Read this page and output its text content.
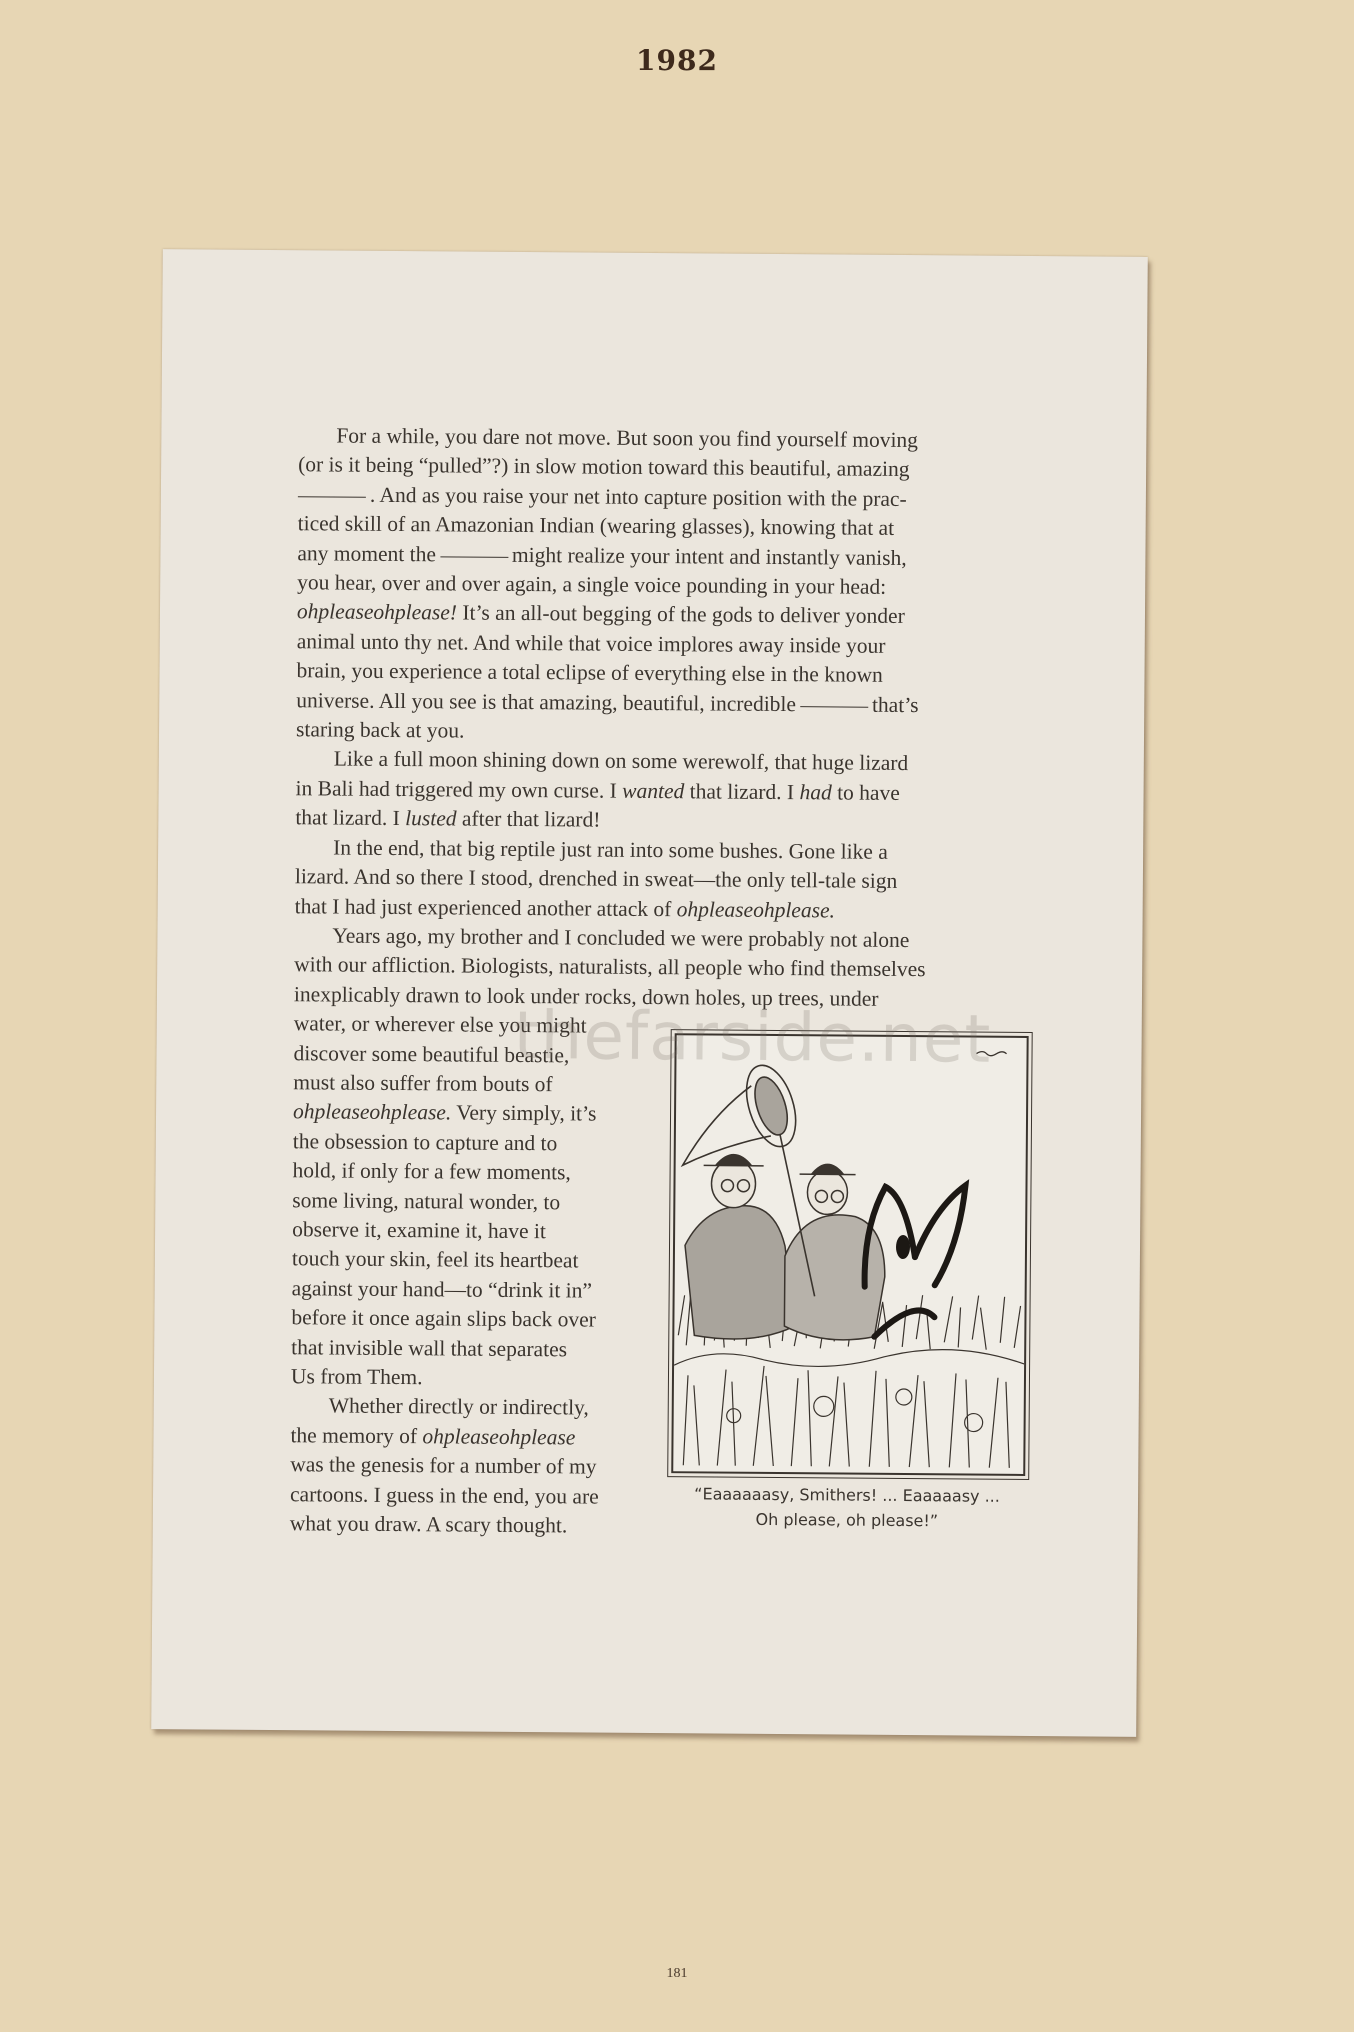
1982

For a while, you dare not move. But soon you find yourself moving
(or is it being “pulled”?) in slow motion toward this beautiful, amazing
. And as you raise your net into capture position with the prac-
ticed skill of an Amazonian Indian (wearing glasses), knowing that at
any moment the	might realize your intent and instantly vanish,
you hear, over and over again, a single voice pounding in your head:
ohpleaseohplease! It’s an all-out begging of the gods to deliver yonder
animal unto thy net. And while that voice implores away inside your
brain, you experience a total eclipse of everything else in the known
universe. All you see is that amazing, beautiful, incredible	that’s
staring back at you.

Like a full moon shining down on some werewolf, that huge lizard
in Bali had triggered my own curse. I wanted that lizard. I had to have
that lizard. I lusted after that lizard!

In the end, that big reptile just ran into some bushes. Gone like a
lizard. And so there I stood, drenched in sweat—the only tell-tale sign
that I had just experienced another attack of ohpleaseohplease.

Years ago, my brother and I concluded we were probably not alone
with our affliction. Biologists, naturalists, all people who find themselves
inexplicably drawn to look under rocks, down holes, up trees, under

water, or wherever else you might
discover some beautiful beastie,
must also suffer from bouts of
ohpleaseohplease. Very simply, it’s
the obsession to capture and to
hold, if only for a few moments,
some living, natural wonder, to
observe it, examine it, have it
touch your skin, feel its heartbeat
against your hand—to “drink it in”
before it once again slips back over
that invisible wall that separates
Us from Them.

Whether directly or indirectly,
the memory of ohpleaseohplease
was the genesis for a number of my
cartoons. I guess in the end, you are
what you draw. A scary thought.

“Eaaaaaasy, Smithers! ... Eaaaaasy ...
Oh please, oh please!”
thefarside.net
181
